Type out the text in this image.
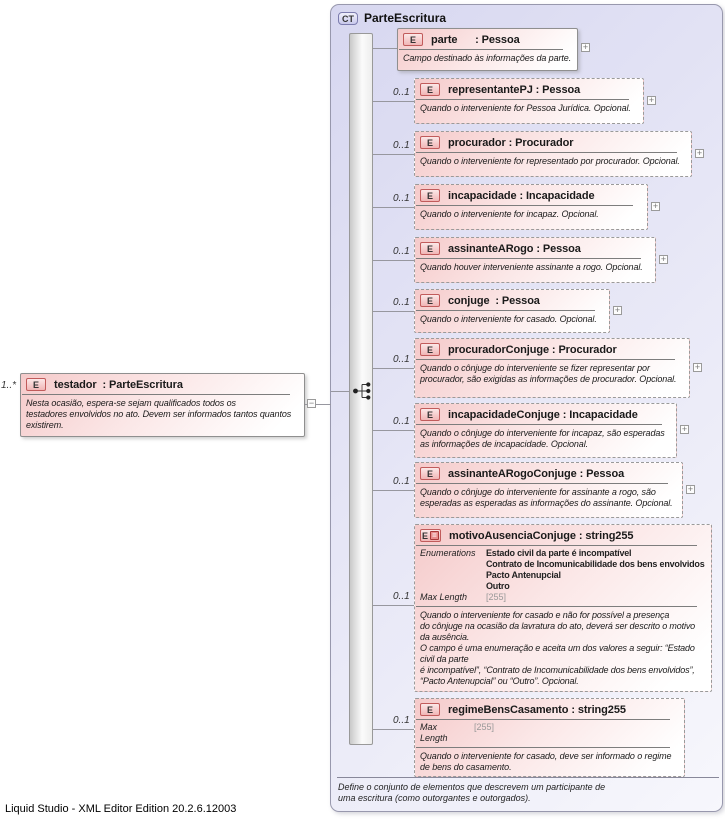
CT ParteEscritura
Define o conjunto de elementos que descrevem um participante de
uma escritura (como outorgantes e outorgados).
1..* E testador  : ParteEscritura
Nesta ocasião, espera-se sejam qualificados todos os
testadores envolvidos no ato. Devem ser informados tantos quantos
existirem.
−
E parte      : Pessoa
Campo destinado às informações da parte.
+
0..1 E representantePJ : Pessoa
Quando o interveniente for Pessoa Jurídica. Opcional.
+
0..1 E procurador : Procurador
Quando o interveniente for representado por procurador. Opcional.
+
0..1 E incapacidade : Incapacidade
Quando o interveniente for incapaz. Opcional.
+
0..1 E assinanteARogo : Pessoa
Quando houver interveniente assinante a rogo. Opcional.
+
0..1 E conjuge  : Pessoa
Quando o interveniente for casado. Opcional.
+
0..1
E procuradorConjuge : Procurador
Quando o cônjuge do interveniente se fizer representar por
procurador, são exigidas as informações de procurador. Opcional.
+
0..1
E incapacidadeConjuge : Incapacidade
Quando o cônjuge do interveniente for incapaz, são esperadas
as informações de incapacidade. Opcional.
+
0..1
E assinanteARogoConjuge : Pessoa
Quando o cônjuge do interveniente for assinante a rogo, são
esperadas as esperadas as informações do assinante. Opcional.
+
0..1
E = motivoAusenciaConjuge : string255
Enumerations	Estado civil da parte é incompatível
Contrato de Incomunicabilidade dos bens envolvidos
Pacto Antenupcial
Outro
Max Length	[255]
Quando o interveniente for casado e não for possível a presença
do cônjuge na ocasião da lavratura do ato, deverá ser descrito o motivo
da ausência.
O campo é uma enumeração e aceita um dos valores a seguir: “Estado
civil da parte
é incompatível”, “Contrato de Incomunicabilidade dos bens envolvidos”,
“Pacto Antenupcial” ou “Outro”. Opcional.
0..1
E regimeBensCasamento : string255
Max Length
[255]
Quando o interveniente for casado, deve ser informado o regime
de bens do casamento.
Liquid Studio - XML Editor Edition 20.2.6.12003
